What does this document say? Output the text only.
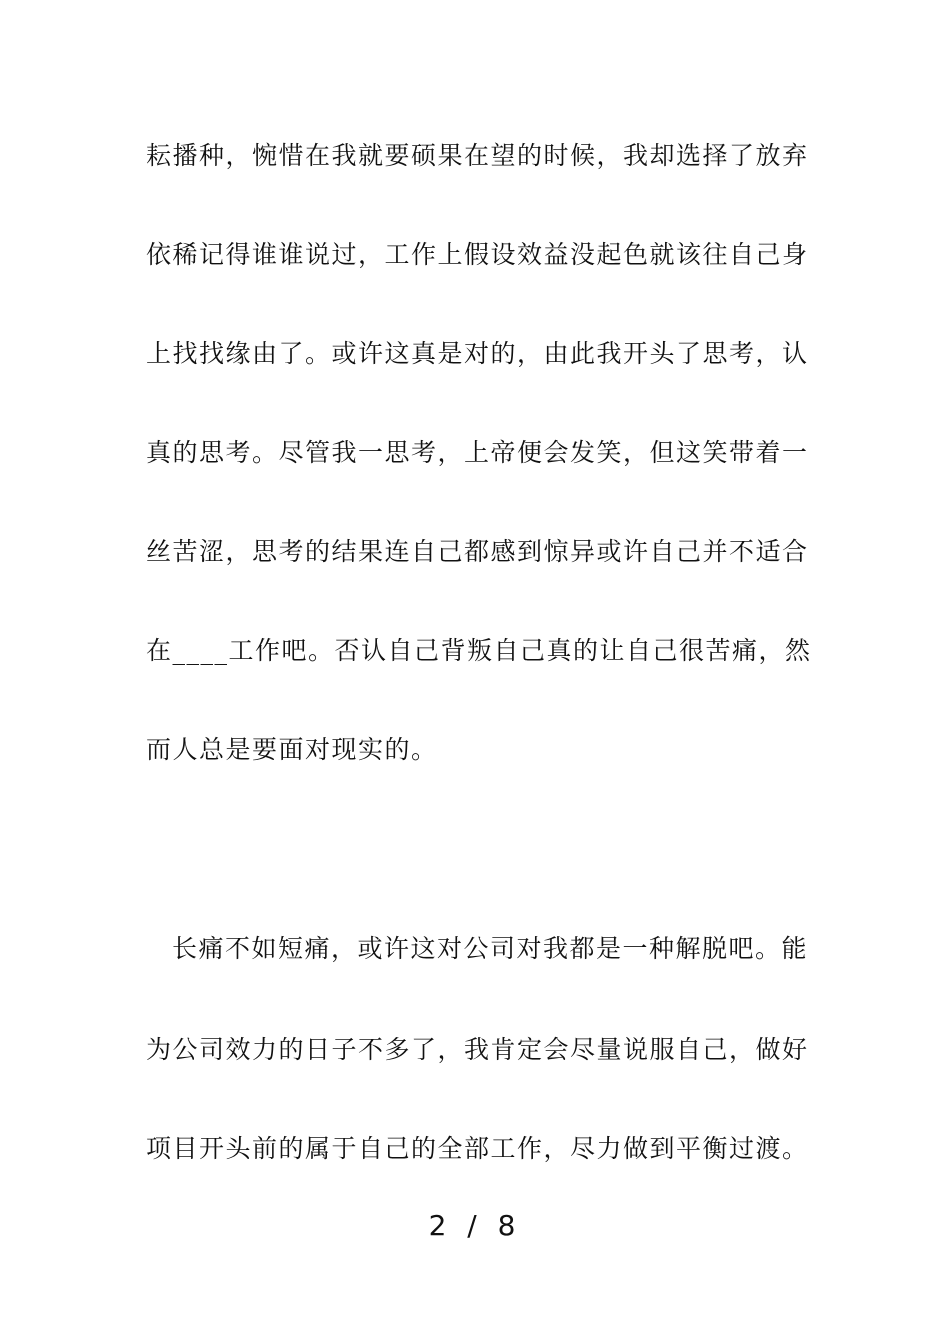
耘播种，惋惜在我就要硕果在望的时候，我却选择了放弃
依稀记得谁谁说过，工作上假设效益没起色就该往自己身
上找找缘由了。或许这真是对的，由此我开头了思考，认
真的思考。尽管我一思考，上帝便会发笑，但这笑带着一
丝苦涩，思考的结果连自己都感到惊异或许自己并不适合
在____工作吧。否认自己背叛自己真的让自己很苦痛，然
而人总是要面对现实的。
长痛不如短痛，或许这对公司对我都是一种解脱吧。能
为公司效力的日子不多了，我肯定会尽量说服自己，做好
项目开头前的属于自己的全部工作，尽力做到平衡过渡。
2 / 8
